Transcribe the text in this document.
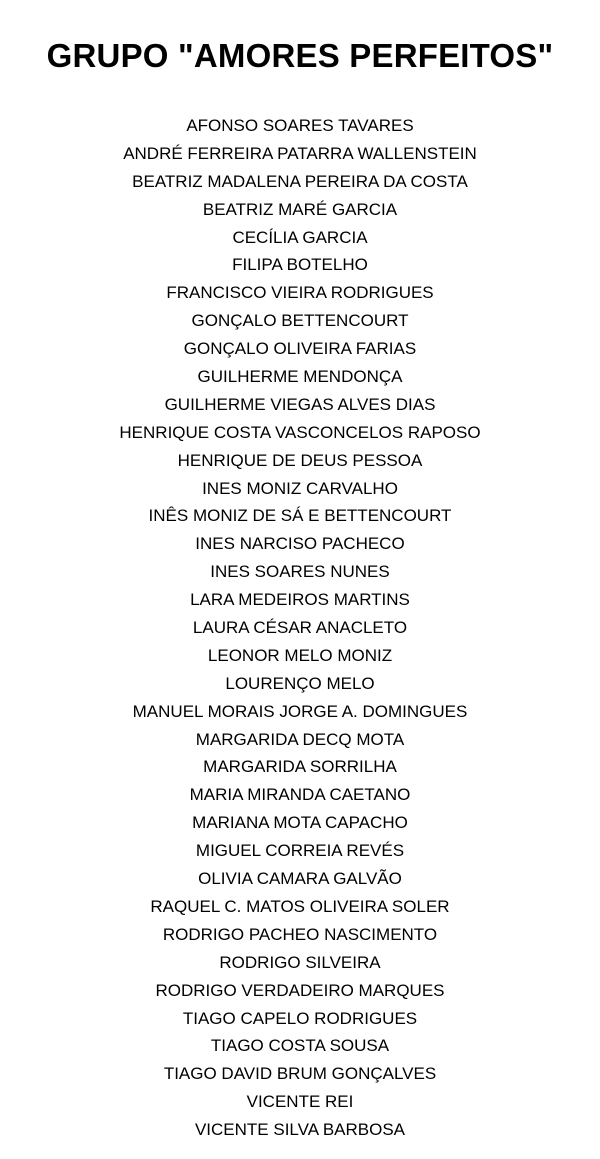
GRUPO "AMORES PERFEITOS"
AFONSO SOARES TAVARES
ANDRÉ FERREIRA PATARRA WALLENSTEIN
BEATRIZ MADALENA PEREIRA DA COSTA
BEATRIZ MARÉ GARCIA
CECÍLIA GARCIA
FILIPA BOTELHO
FRANCISCO VIEIRA RODRIGUES
GONÇALO BETTENCOURT
GONÇALO OLIVEIRA FARIAS
GUILHERME MENDONÇA
GUILHERME VIEGAS ALVES DIAS
HENRIQUE COSTA VASCONCELOS RAPOSO
HENRIQUE DE DEUS PESSOA
INES MONIZ CARVALHO
INÊS MONIZ DE SÁ E BETTENCOURT
INES NARCISO PACHECO
INES SOARES NUNES
LARA MEDEIROS MARTINS
LAURA CÉSAR ANACLETO
LEONOR MELO MONIZ
LOURENÇO MELO
MANUEL MORAIS JORGE A. DOMINGUES
MARGARIDA DECQ MOTA
MARGARIDA SORRILHA
MARIA MIRANDA CAETANO
MARIANA MOTA CAPACHO
MIGUEL CORREIA REVÉS
OLIVIA CAMARA GALVÃO
RAQUEL C. MATOS OLIVEIRA SOLER
RODRIGO PACHEO NASCIMENTO
RODRIGO SILVEIRA
RODRIGO VERDADEIRO MARQUES
TIAGO CAPELO RODRIGUES
TIAGO COSTA SOUSA
TIAGO DAVID BRUM GONÇALVES
VICENTE REI
VICENTE SILVA BARBOSA
